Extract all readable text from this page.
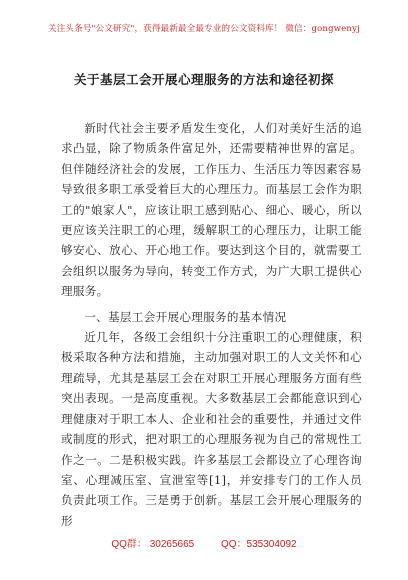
关注头条号"公文研究"，获得最新最全最专业的公文资料库！ 微信：gongwenyj
关于基层工会开展心理服务的方法和途径初探

新时代社会主要矛盾发生变化，人们对美好生活的追求凸显，除了物质条件富足外，还需要精神世界的富足。但伴随经济社会的发展，工作压力、生活压力等因素容易导致很多职工承受着巨大的心理压力。而基层工会作为职工的"娘家人"，应该让职工感到贴心、细心、暖心，所以更应该关注职工的心理，缓解职工的心理压力，让职工能够安心、放心、开心地工作。要达到这个目的，就需要工会组织以服务为导向，转变工作方式，为广大职工提供心理服务。

一、基层工会开展心理服务的基本情况

近几年，各级工会组织十分注重职工的心理健康，积极采取各种方法和措施，主动加强对职工的人文关怀和心理疏导，尤其是基层工会在对职工开展心理服务方面有些突出表现。一是高度重视。大多数基层工会都能意识到心理健康对于职工本人、企业和社会的重要性，并通过文件或制度的形式，把对职工的心理服务视为自己的常规性工作之一。二是积极实践。许多基层工会都设立了心理咨询室、心理减压室、宣泄室等[1]，并安排专门的工作人员负责此项工作。三是勇于创新。基层工会开展心理服务的形

QQ群： 30265665	QQ：535304092
